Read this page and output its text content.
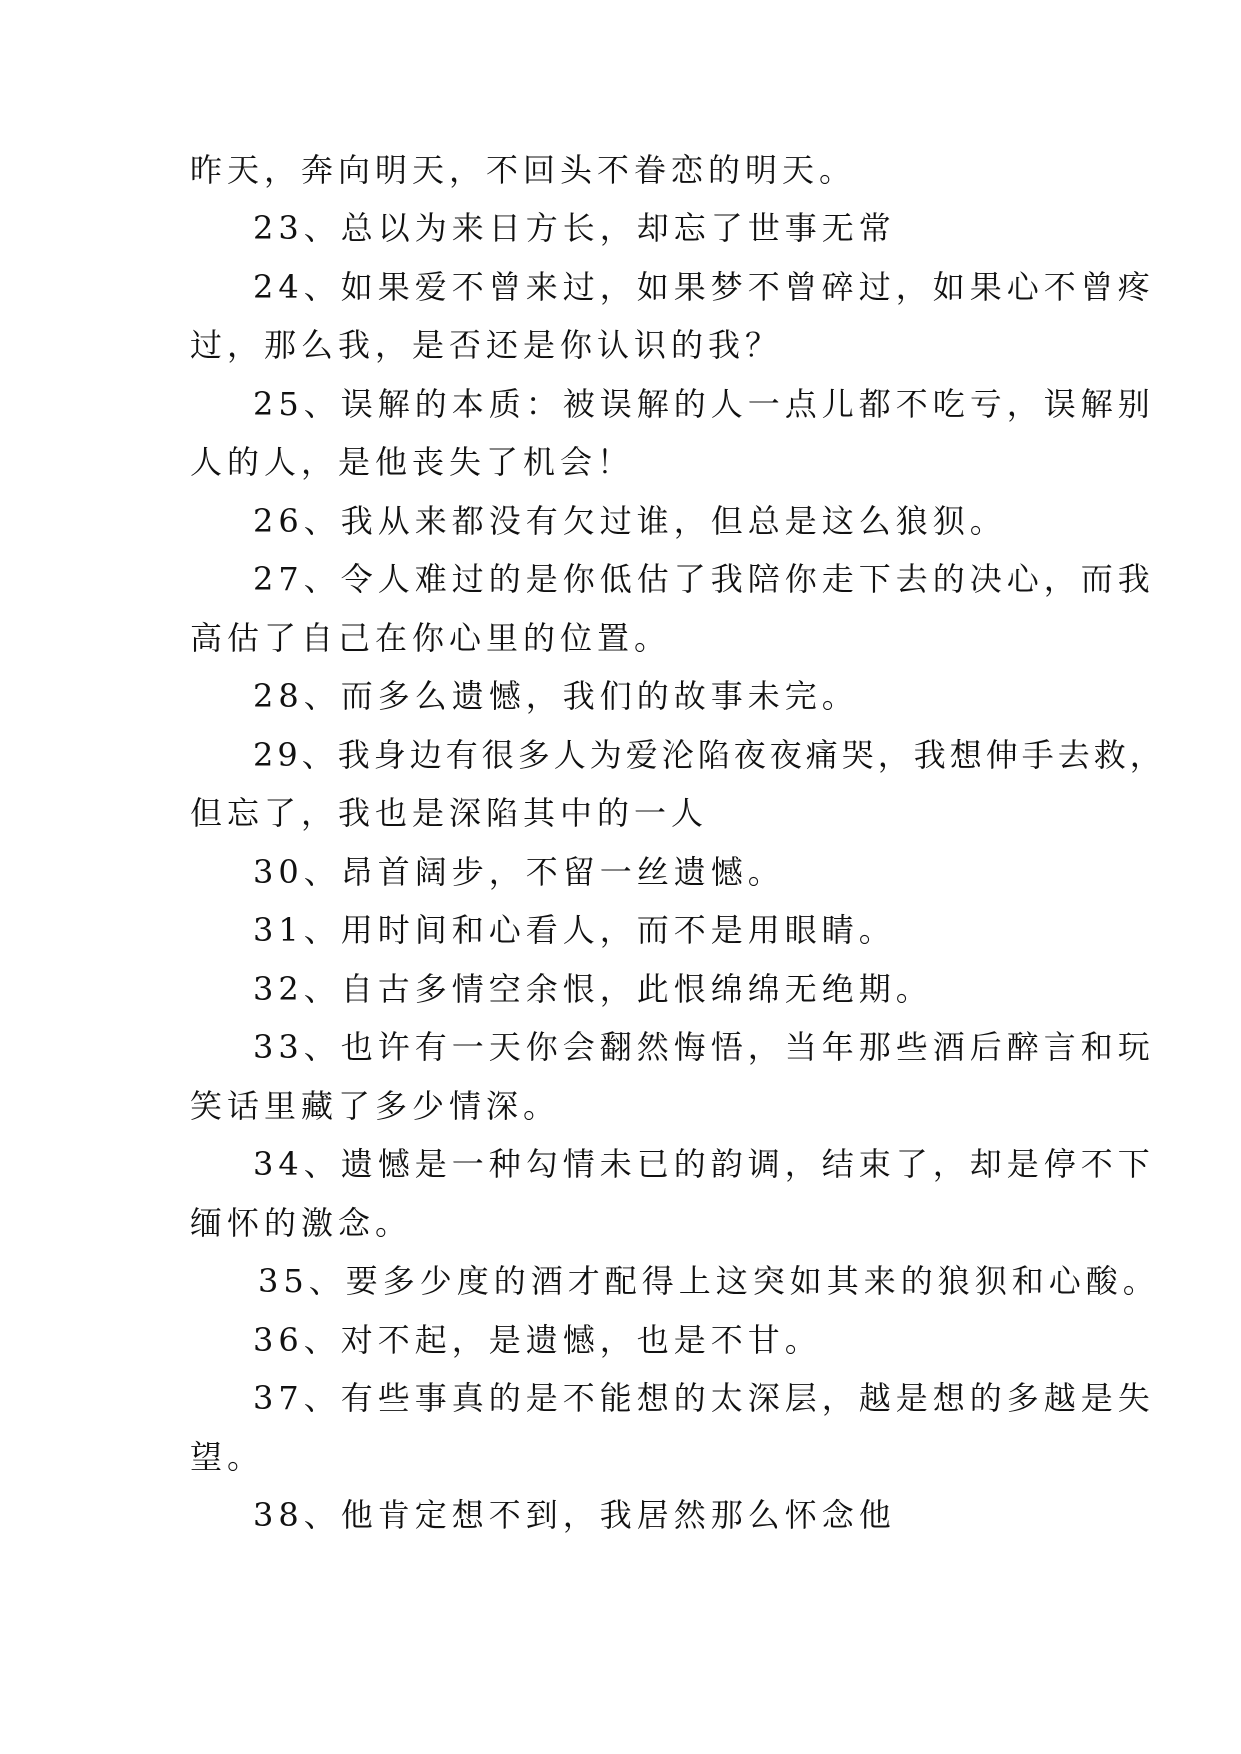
昨天，奔向明天，不回头不眷恋的明天。
23、总以为来日方长，却忘了世事无常
24、如果爱不曾来过，如果梦不曾碎过，如果心不曾疼
过，那么我，是否还是你认识的我？
25、误解的本质：被误解的人一点儿都不吃亏，误解别
人的人，是他丧失了机会！
26、我从来都没有欠过谁，但总是这么狼狈。
27、令人难过的是你低估了我陪你走下去的决心，而我
高估了自己在你心里的位置。
28、而多么遗憾，我们的故事未完。
29、我身边有很多人为爱沦陷夜夜痛哭，我想伸手去救，
但忘了，我也是深陷其中的一人
30、昂首阔步，不留一丝遗憾。
31、用时间和心看人，而不是用眼睛。
32、自古多情空余恨，此恨绵绵无绝期。
33、也许有一天你会翻然悔悟，当年那些酒后醉言和玩
笑话里藏了多少情深。
34、遗憾是一种勾情未已的韵调，结束了，却是停不下
缅怀的激念。
35、要多少度的酒才配得上这突如其来的狼狈和心酸。
36、对不起，是遗憾，也是不甘。
37、有些事真的是不能想的太深层，越是想的多越是失
望。
38、他肯定想不到，我居然那么怀念他
